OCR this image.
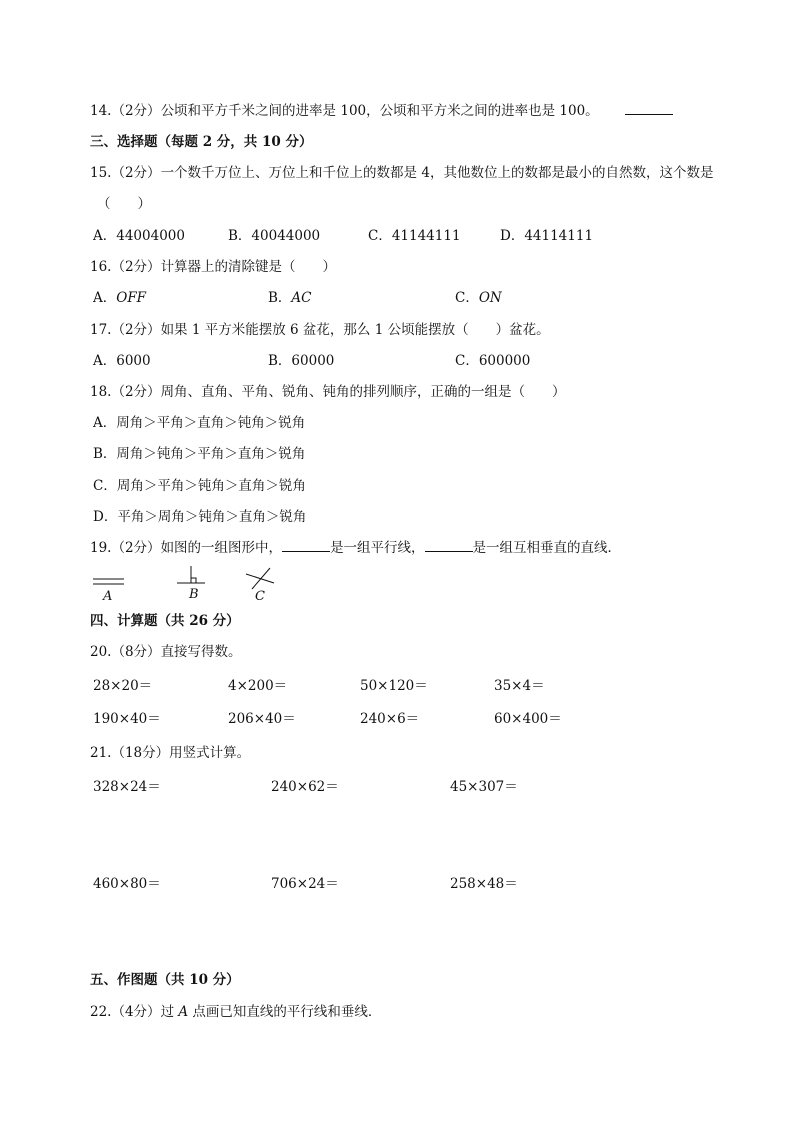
14.（2分）公顷和平方千米之间的进率是 100，公顷和平方米之间的进率也是 100。
三、选择题（每题 2 分，共 10 分）
15.（2分）一个数千万位上、万位上和千位上的数都是 4，其他数位上的数都是最小的自然数，这个数是
（　　）
A．44004000	B．40044000	C．41144111	D．44114111
16.（2分）计算器上的清除键是（　　）
A．OFF	B．AC	C．ON
17.（2分）如果 1 平方米能摆放 6 盆花，那么 1 公顷能摆放（　　）盆花。
A．6000	B．60000	C．600000
18.（2分）周角、直角、平角、锐角、钝角的排列顺序，正确的一组是（　　）
A．周角＞平角＞直角＞钝角＞锐角
B．周角＞钝角＞平角＞直角＞锐角
C．周角＞平角＞钝角＞直角＞锐角
D．平角＞周角＞钝角＞直角＞锐角
19.（2分）如图的一组图形中，	是一组平行线，	是一组互相垂直的直线．
A	B	C
四、计算题（共 26 分）
20.（8分）直接写得数。
28×20＝	4×200＝	50×120＝	35×4＝
190×40＝	206×40＝	240×6＝	60×400＝
21.（18分）用竖式计算。
328×24＝	240×62＝	45×307＝
460×80＝	706×24＝	258×48＝
五、作图题（共 10 分）
22.（4分）过 A 点画已知直线的平行线和垂线．
